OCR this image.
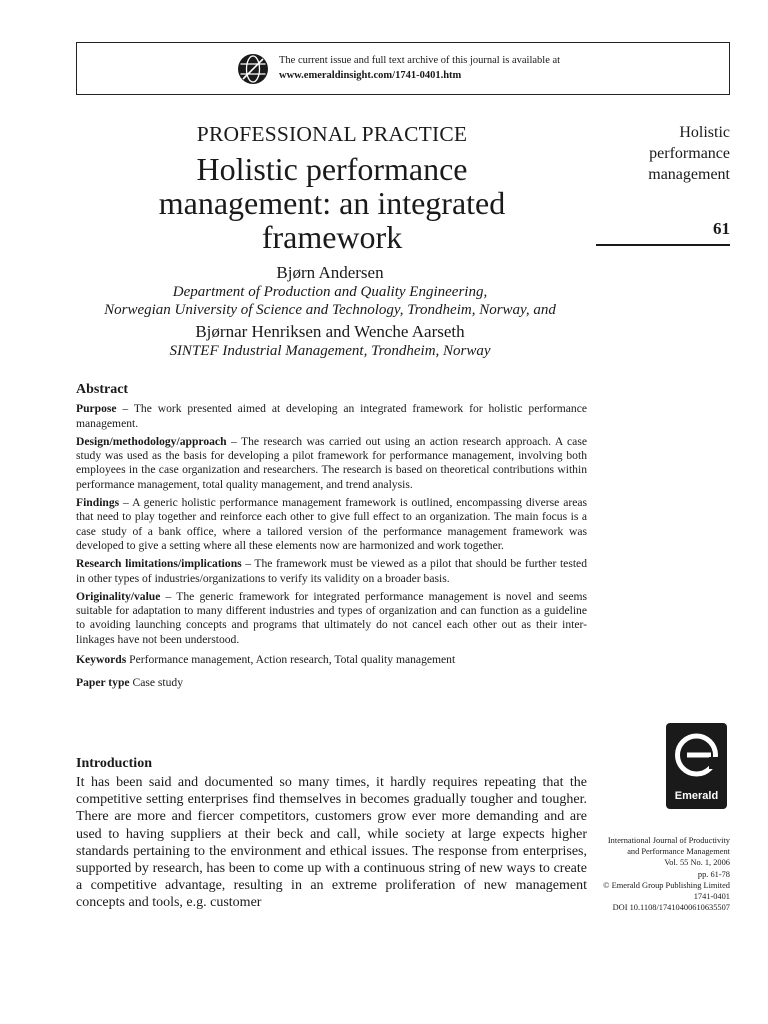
The current issue and full text archive of this journal is available at
www.emeraldinsight.com/1741-0401.htm
Holistic
performance
management
61
PROFESSIONAL PRACTICE
Holistic performance
management: an integrated
framework
Bjørn Andersen
Department of Production and Quality Engineering,
Norwegian University of Science and Technology, Trondheim, Norway, and
Bjørnar Henriksen and Wenche Aarseth
SINTEF Industrial Management, Trondheim, Norway
Abstract

Purpose – The work presented aimed at developing an integrated framework for holistic performance management.

Design/methodology/approach – The research was carried out using an action research approach. A case study was used as the basis for developing a pilot framework for performance management, involving both employees in the case organization and researchers. The research is based on theoretical contributions within performance management, total quality management, and trend analysis.

Findings – A generic holistic performance management framework is outlined, encompassing diverse areas that need to play together and reinforce each other to give full effect to an organization. The main focus is a case study of a bank office, where a tailored version of the performance management framework was developed to give a setting where all these elements now are harmonized and work together.

Research limitations/implications – The framework must be viewed as a pilot that should be further tested in other types of industries/organizations to verify its validity on a broader basis.

Originality/value – The generic framework for integrated performance management is novel and seems suitable for adaptation to many different industries and types of organization and can function as a guideline to avoiding launching concepts and programs that ultimately do not cancel each other out as their inter-linkages have not been understood.

Keywords Performance management, Action research, Total quality management

Paper type Case study

Introduction

It has been said and documented so many times, it hardly requires repeating that the competitive setting enterprises find themselves in becomes gradually tougher and tougher. There are more and fiercer competitors, customers grow ever more demanding and are used to having suppliers at their beck and call, while society at large expects higher standards pertaining to the environment and ethical issues. The response from enterprises, supported by research, has been to come up with a continuous string of new ways to create a competitive advantage, resulting in an extreme proliferation of new management concepts and tools, e.g. customer

Emerald
International Journal of Productivity
and Performance Management
Vol. 55 No. 1, 2006
pp. 61-78
© Emerald Group Publishing Limited
1741-0401
DOI 10.1108/17410400610635507
